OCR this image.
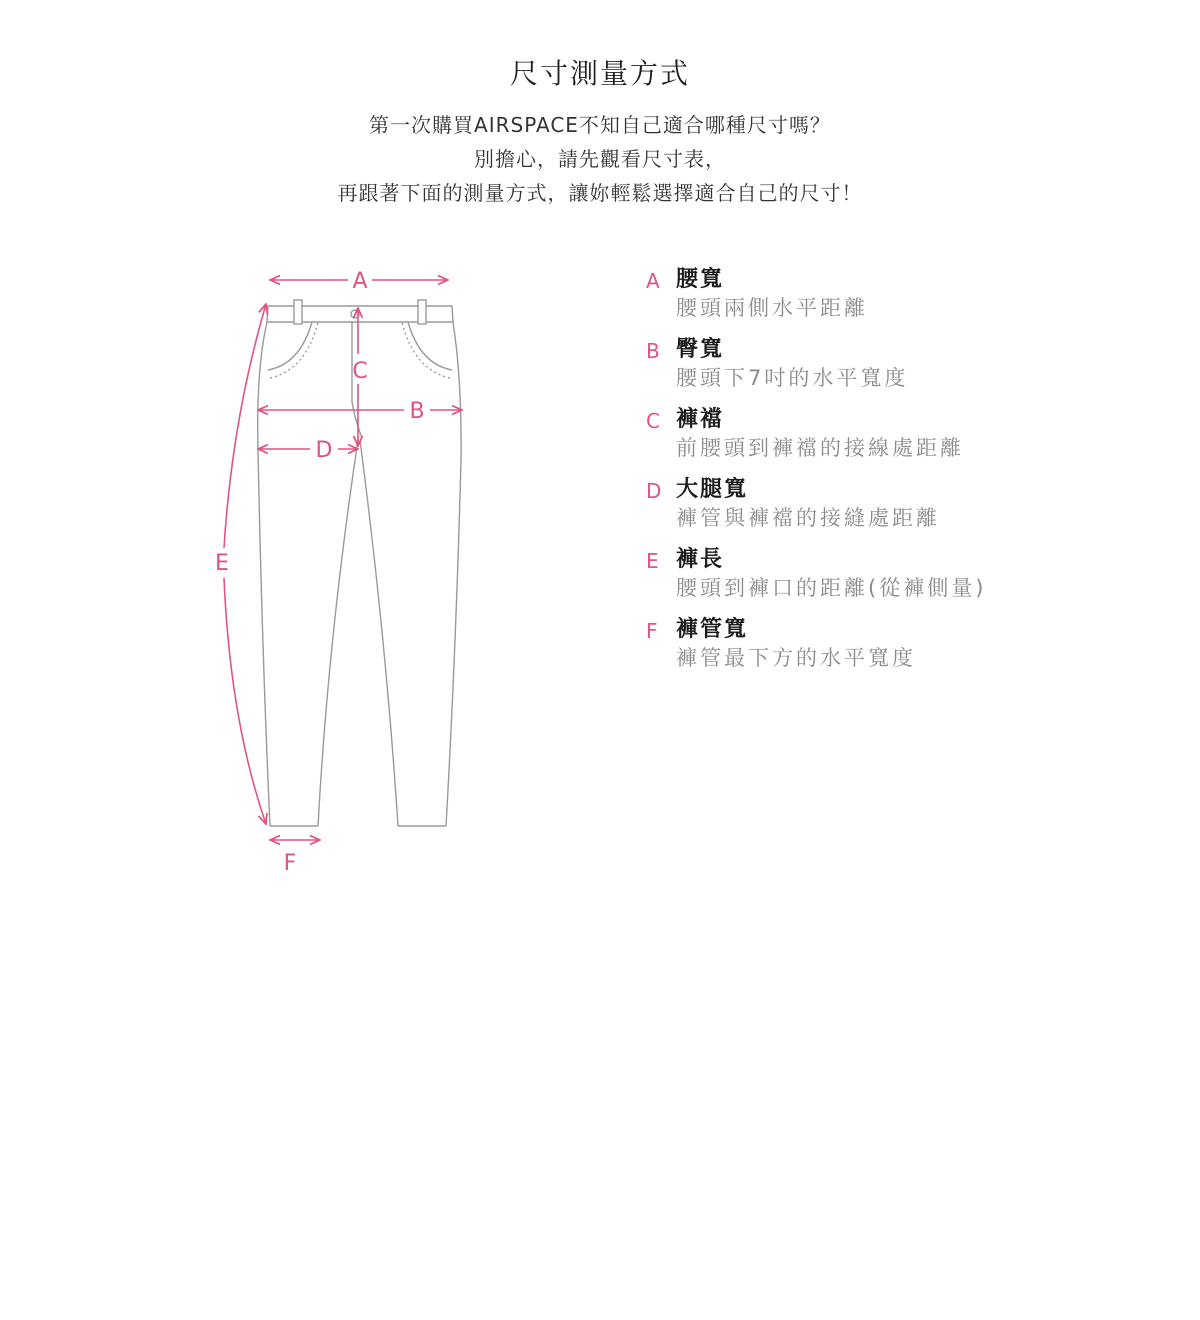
尺寸測量方式
第一次購買AIRSPACE不知自己適合哪種尺寸嗎？
別擔心，請先觀看尺寸表，
再跟著下面的測量方式，讓妳輕鬆選擇適合自己的尺寸！
A
C
B
D
E
F
A 腰寬
腰頭兩側水平距離
B 臀寬
腰頭下7吋的水平寬度
C 褲襠
前腰頭到褲襠的接線處距離
D 大腿寬
褲管與褲襠的接縫處距離
E 褲長
腰頭到褲口的距離(從褲側量)
F 褲管寬
褲管最下方的水平寬度
